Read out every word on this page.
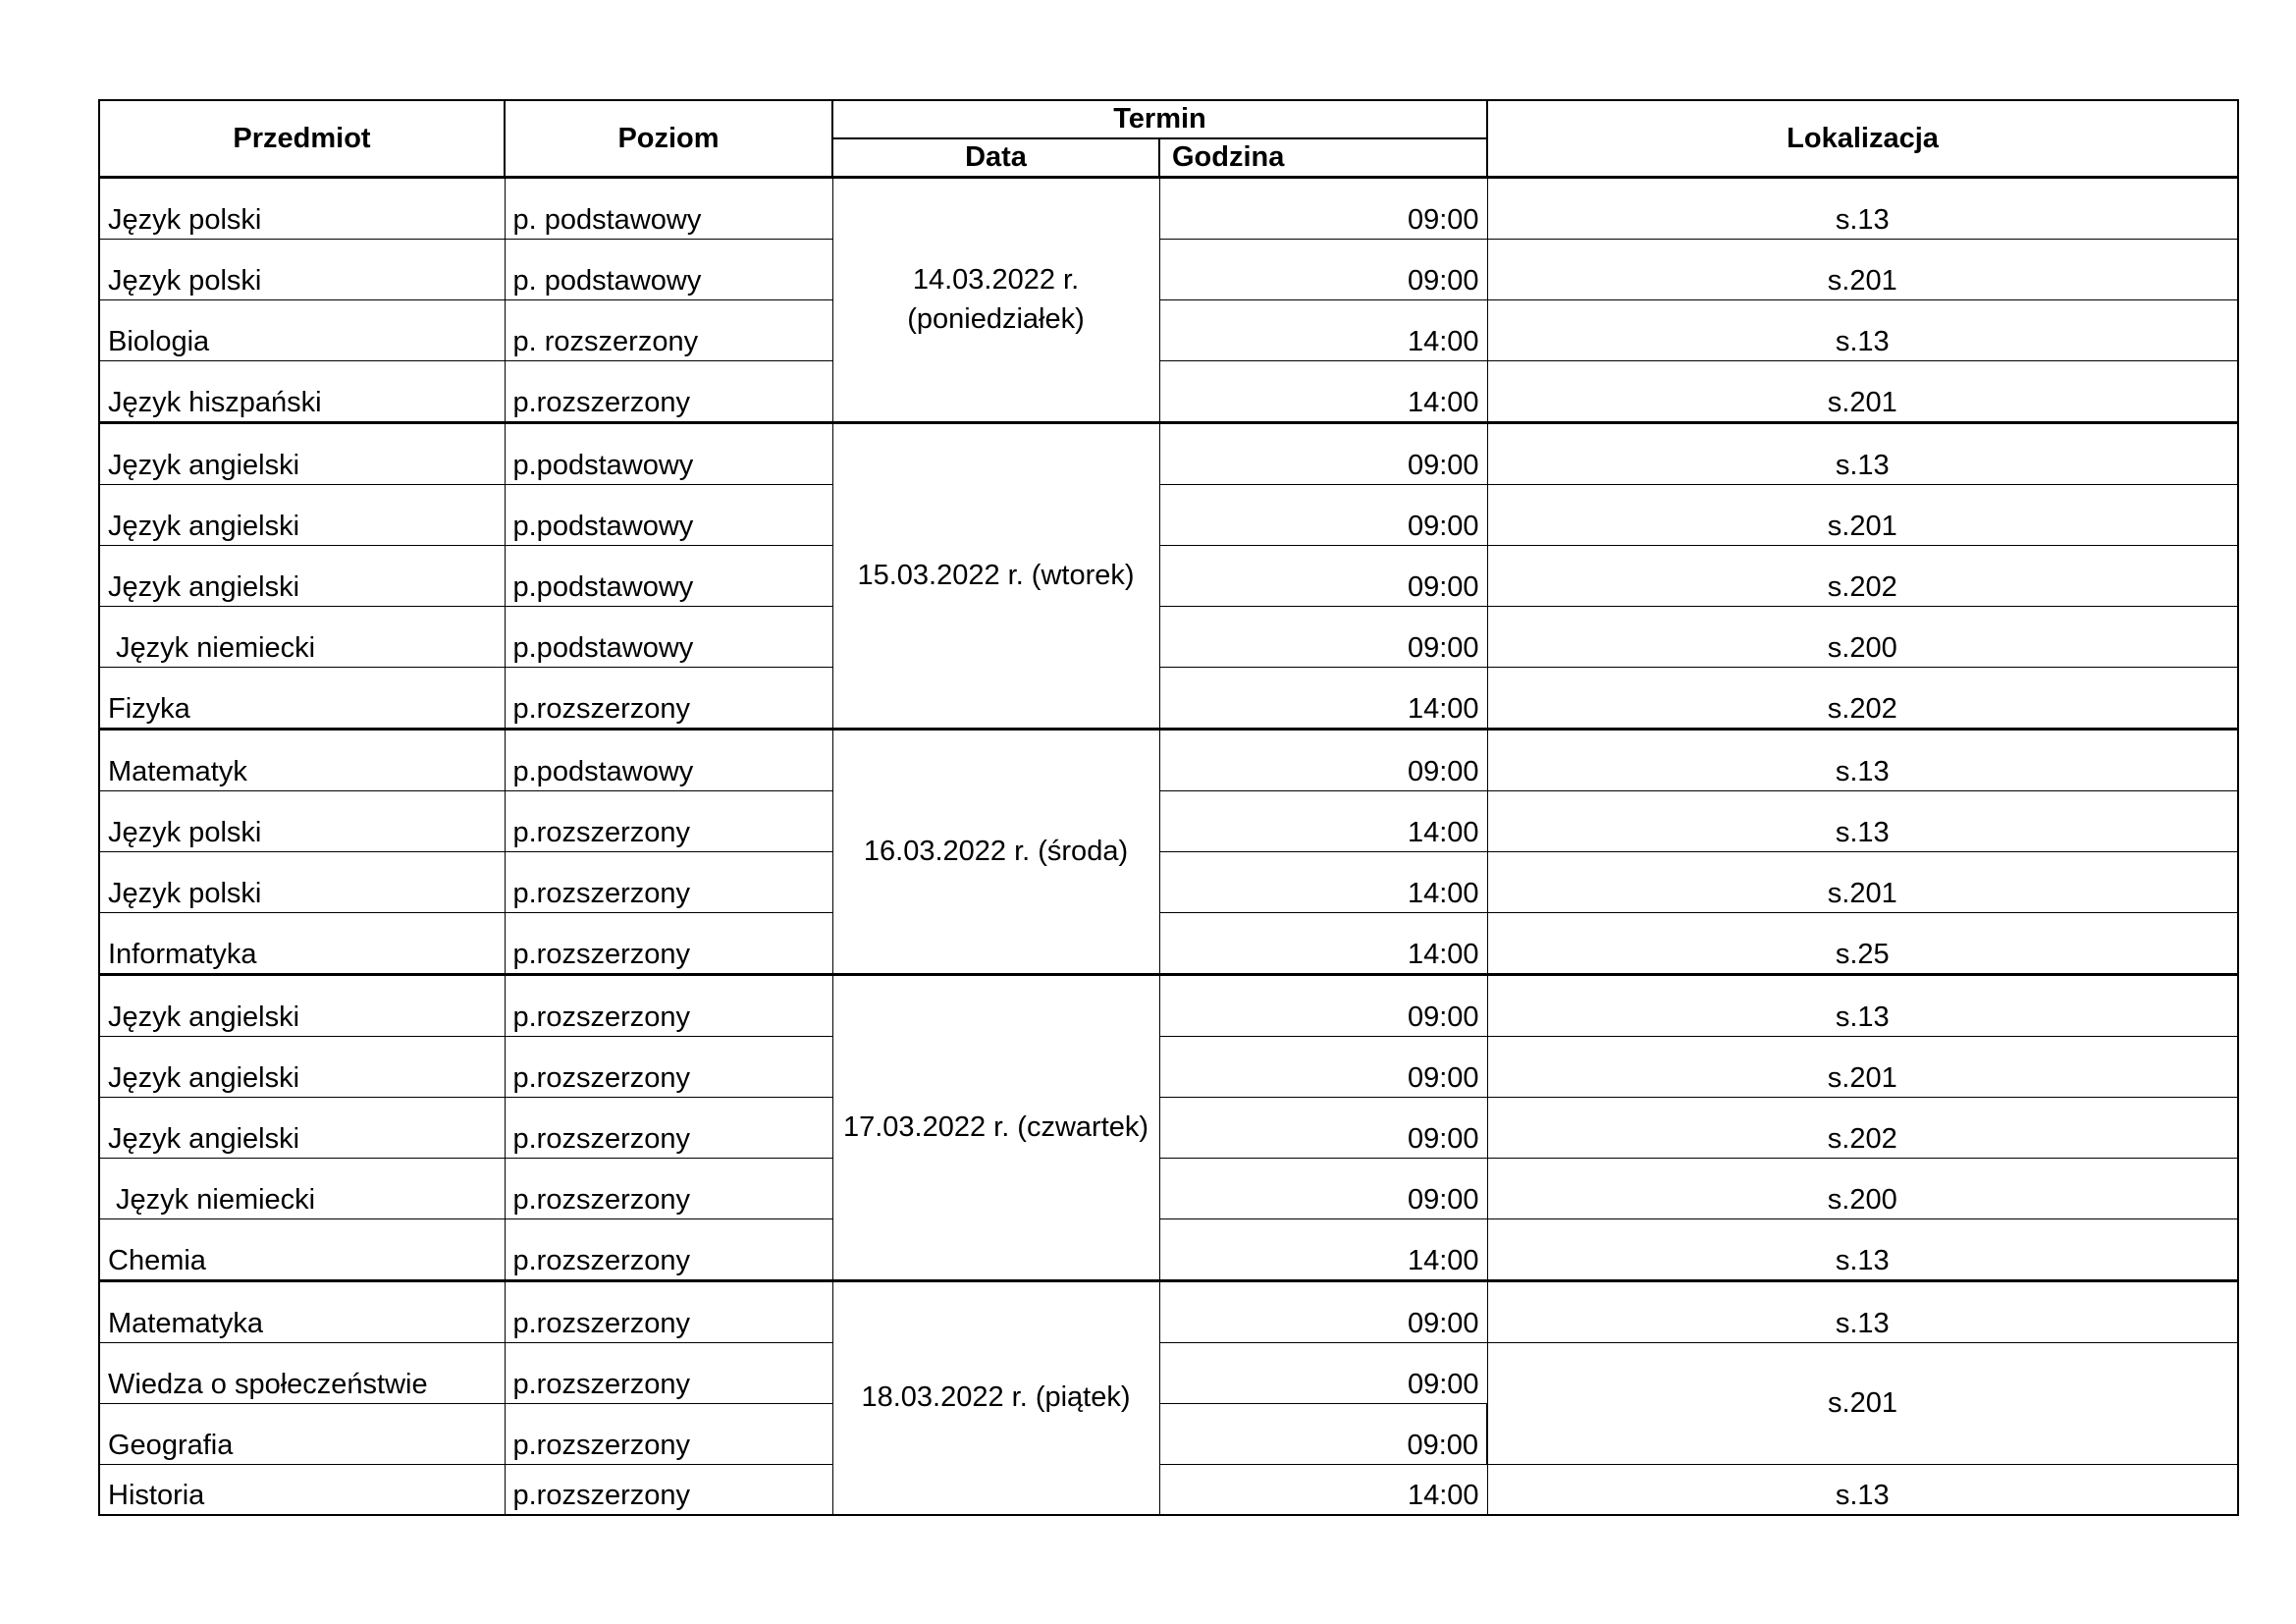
Przedmiot	Poziom	Termin		Lokalizacja
		Data	Godzina	
Język polski	p. podstawowy	14.03.2022 r. (poniedziałek)	09:00	s.13
Język polski	p. podstawowy		09:00	s.201
Biologia	p. rozszerzony		14:00	s.13
Język hiszpański	p.rozszerzony		14:00	s.201
Język angielski	p.podstawowy	15.03.2022 r. (wtorek)	09:00	s.13
Język angielski	p.podstawowy		09:00	s.201
Język angielski	p.podstawowy		09:00	s.202
Język niemiecki	p.podstawowy		09:00	s.200
Fizyka	p.rozszerzony		14:00	s.202
Matematyk	p.podstawowy	16.03.2022 r. (środa)	09:00	s.13
Język polski	p.rozszerzony		14:00	s.13
Język polski	p.rozszerzony		14:00	s.201
Informatyka	p.rozszerzony		14:00	s.25
Język angielski	p.rozszerzony	17.03.2022 r. (czwartek)	09:00	s.13
Język angielski	p.rozszerzony		09:00	s.201
Język angielski	p.rozszerzony		09:00	s.202
Język niemiecki	p.rozszerzony		09:00	s.200
Chemia	p.rozszerzony		14:00	s.13
Matematyka	p.rozszerzony	18.03.2022 r. (piątek)	09:00	s.13
Wiedza o społeczeństwie	p.rozszerzony		09:00	s.201
Geografia	p.rozszerzony		09:00	
Historia	p.rozszerzony		14:00	s.13
